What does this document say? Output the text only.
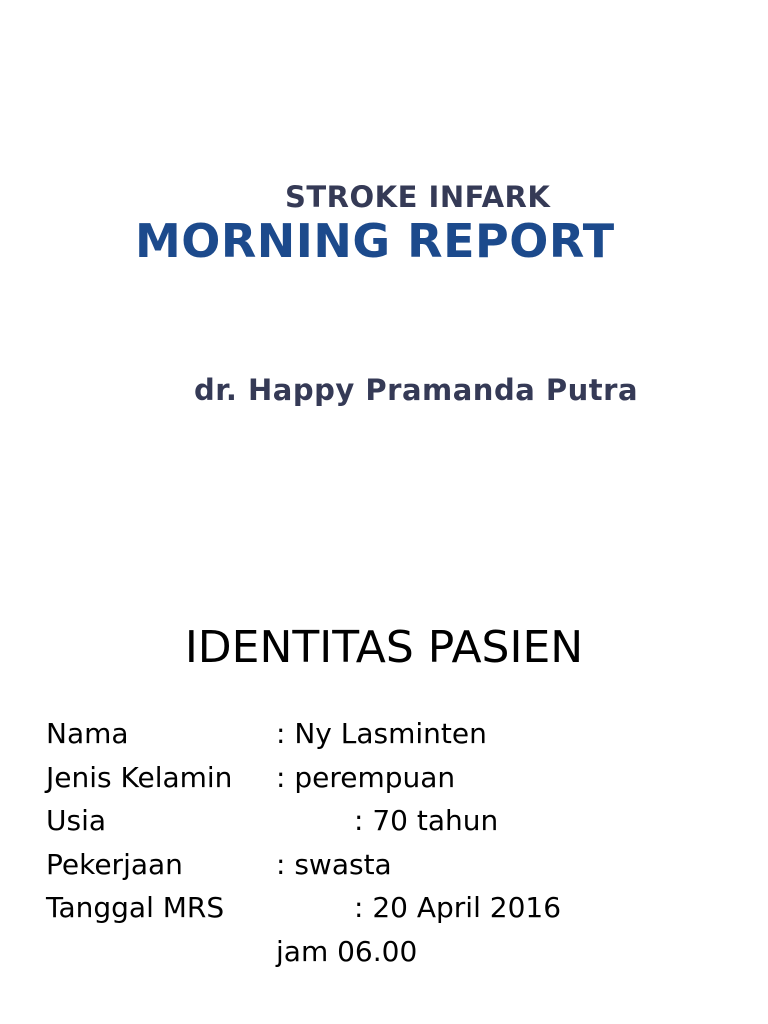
STROKE INFARK
MORNING REPORT
dr. Happy Pramanda Putra
IDENTITAS PASIEN
Nama	: Ny Lasminten
Jenis Kelamin : perempuan
Usia	: 70 tahun
Pekerjaan	: swasta
Tanggal MRS	: 20 April 2016
jam 06.00
